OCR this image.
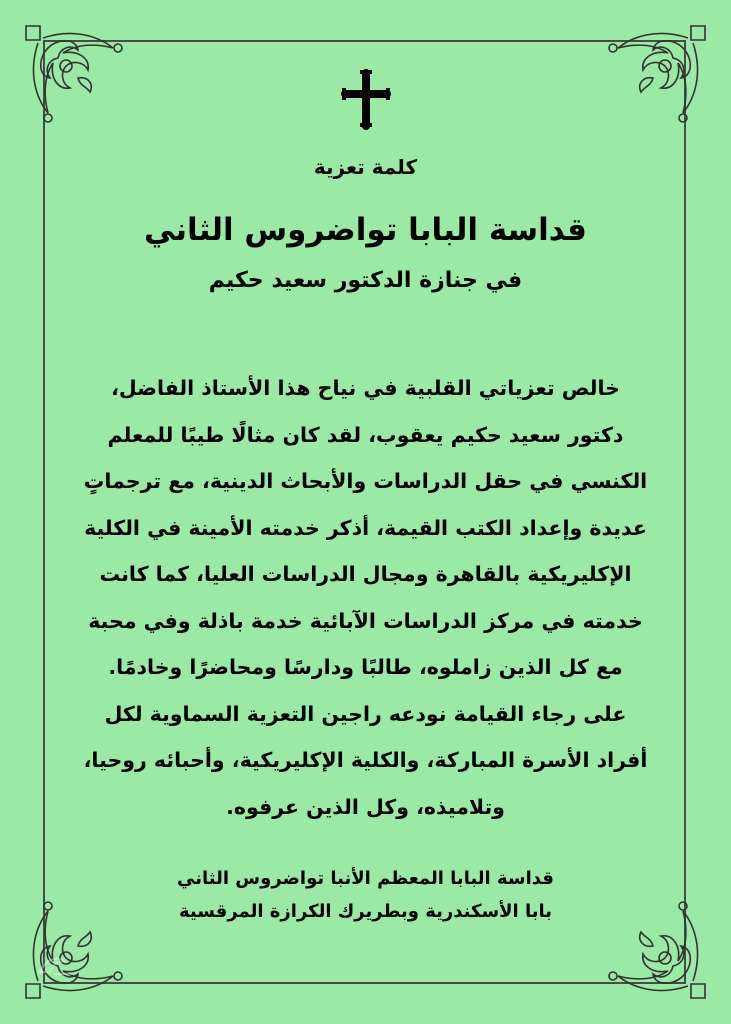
كلمة تعزية
قداسة البابا تواضروس الثاني
في جنازة الدكتور سعيد حكيم

خالص تعزياتي القلبية في نياح هذا الأستاذ الفاضل،

دكتور سعيد حكيم يعقوب، لقد كان مثالًا طيبًا للمعلم

الكنسي في حقل الدراسات والأبحاث الدينية، مع ترجماتٍ

عديدة وإعداد الكتب القيمة، أذكر خدمته الأمينة في الكلية

الإكليريكية بالقاهرة ومجال الدراسات العليا، كما كانت

خدمته في مركز الدراسات الآبائية خدمة باذلة وفي محبة

مع كل الذين زاملوه، طالبًا ودارسًا ومحاضرًا وخادمًا.

على رجاء القيامة نودعه راجين التعزية السماوية لكل

أفراد الأسرة المباركة، والكلية الإكليريكية، وأحبائه روحيا،

وتلاميذه، وكل الذين عرفوه.

قداسة البابا المعظم الأنبا تواضروس الثاني

بابا الأسكندرية وبطريرك الكرازة المرقسية
